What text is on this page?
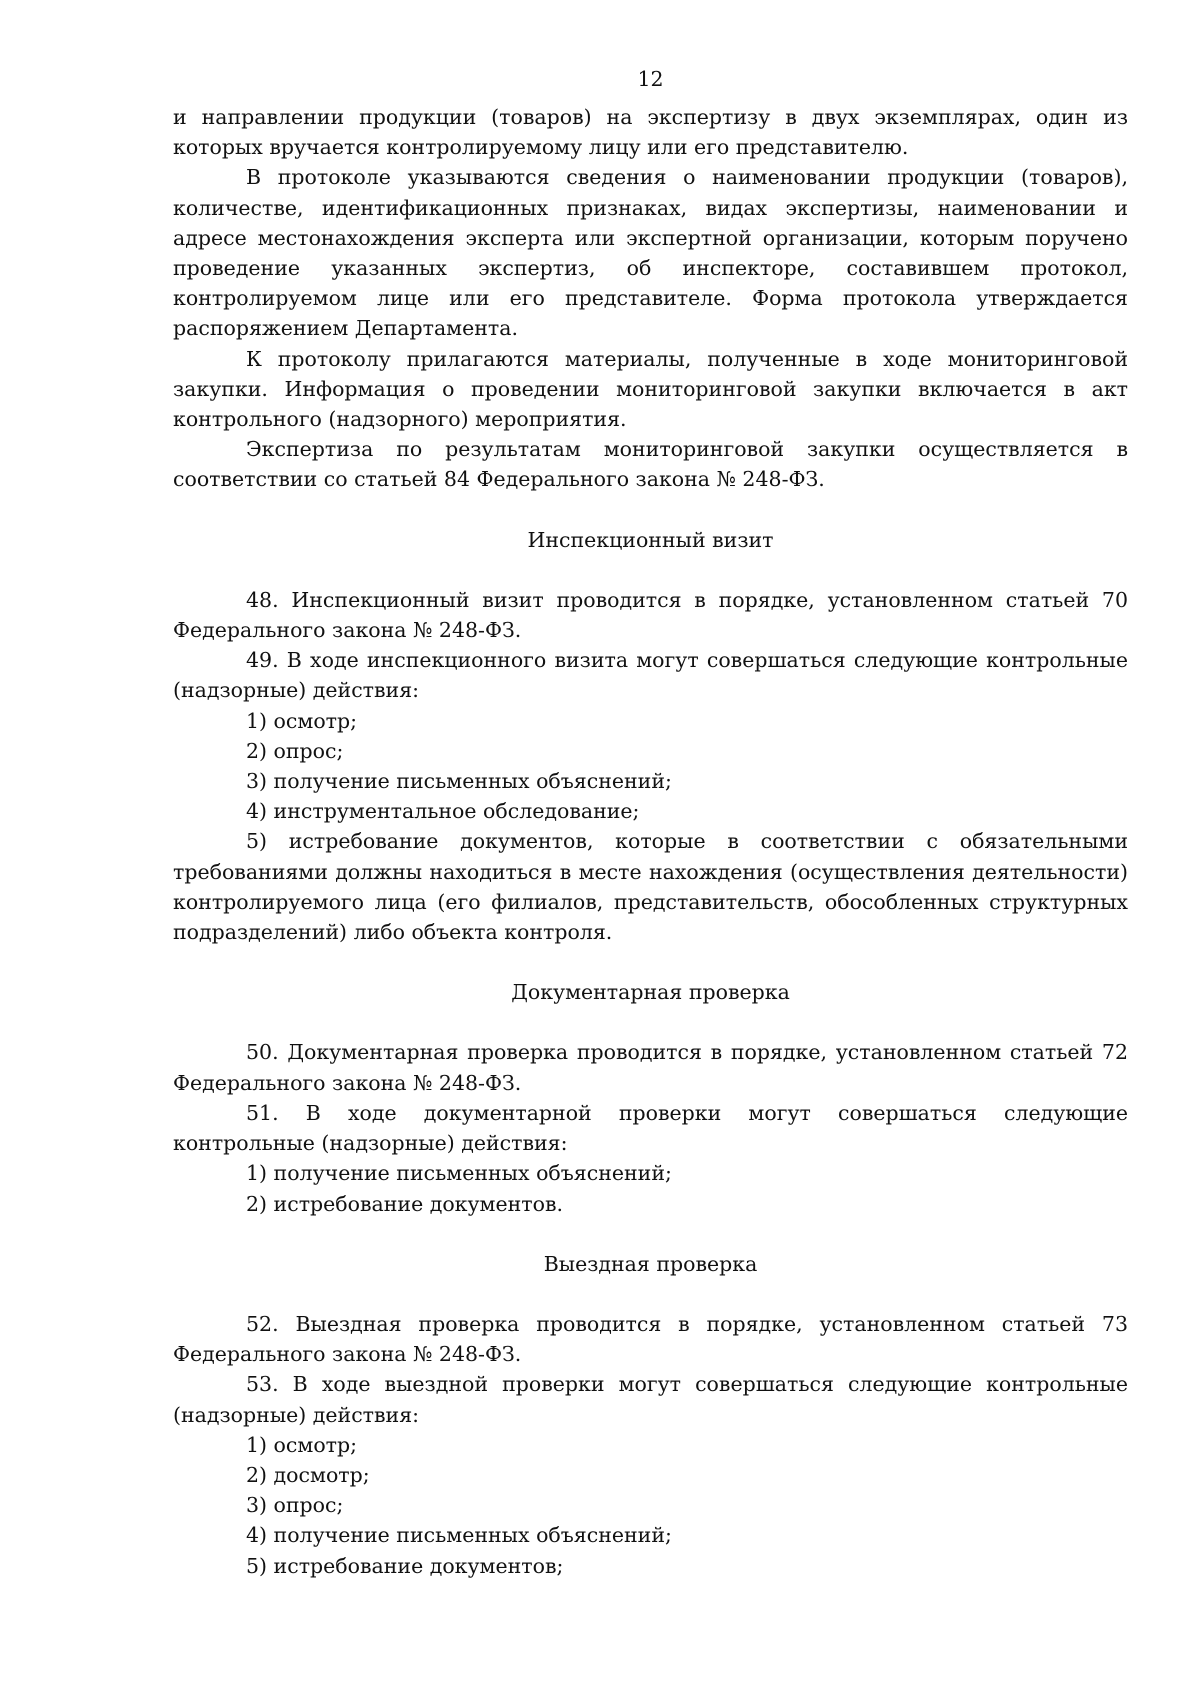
12

и направлении продукции (товаров) на экспертизу в двух экземплярах, один из которых вручается контролируемому лицу или его представителю.

В протоколе указываются сведения о наименовании продукции (товаров), количестве, идентификационных признаках, видах экспертизы, наименовании и адресе местонахождения эксперта или экспертной организации, которым поручено проведение указанных экспертиз, об инспекторе, составившем протокол, контролируемом лице или его представителе. Форма протокола утверждается распоряжением Департамента.

К протоколу прилагаются материалы, полученные в ходе мониторинговой закупки. Информация о проведении мониторинговой закупки включается в акт контрольного (надзорного) мероприятия.

Экспертиза по результатам мониторинговой закупки осуществляется в соответствии со статьей 84 Федерального закона № 248-ФЗ.

Инспекционный визит

48. Инспекционный визит проводится в порядке, установленном статьей 70 Федерального закона № 248-ФЗ.

49. В ходе инспекционного визита могут совершаться следующие контрольные (надзорные) действия:

1) осмотр;

2) опрос;

3) получение письменных объяснений;

4) инструментальное обследование;

5) истребование документов, которые в соответствии с обязательными требованиями должны находиться в месте нахождения (осуществления деятельности) контролируемого лица (его филиалов, представительств, обособленных структурных подразделений) либо объекта контроля.

Документарная проверка

50. Документарная проверка проводится в порядке, установленном статьей 72 Федерального закона № 248-ФЗ.

51. В ходе документарной проверки могут совершаться следующие контрольные (надзорные) действия:

1) получение письменных объяснений;

2) истребование документов.

Выездная проверка

52. Выездная проверка проводится в порядке, установленном статьей 73 Федерального закона № 248-ФЗ.

53. В ходе выездной проверки могут совершаться следующие контрольные (надзорные) действия:

1) осмотр;

2) досмотр;

3) опрос;

4) получение письменных объяснений;

5) истребование документов;
